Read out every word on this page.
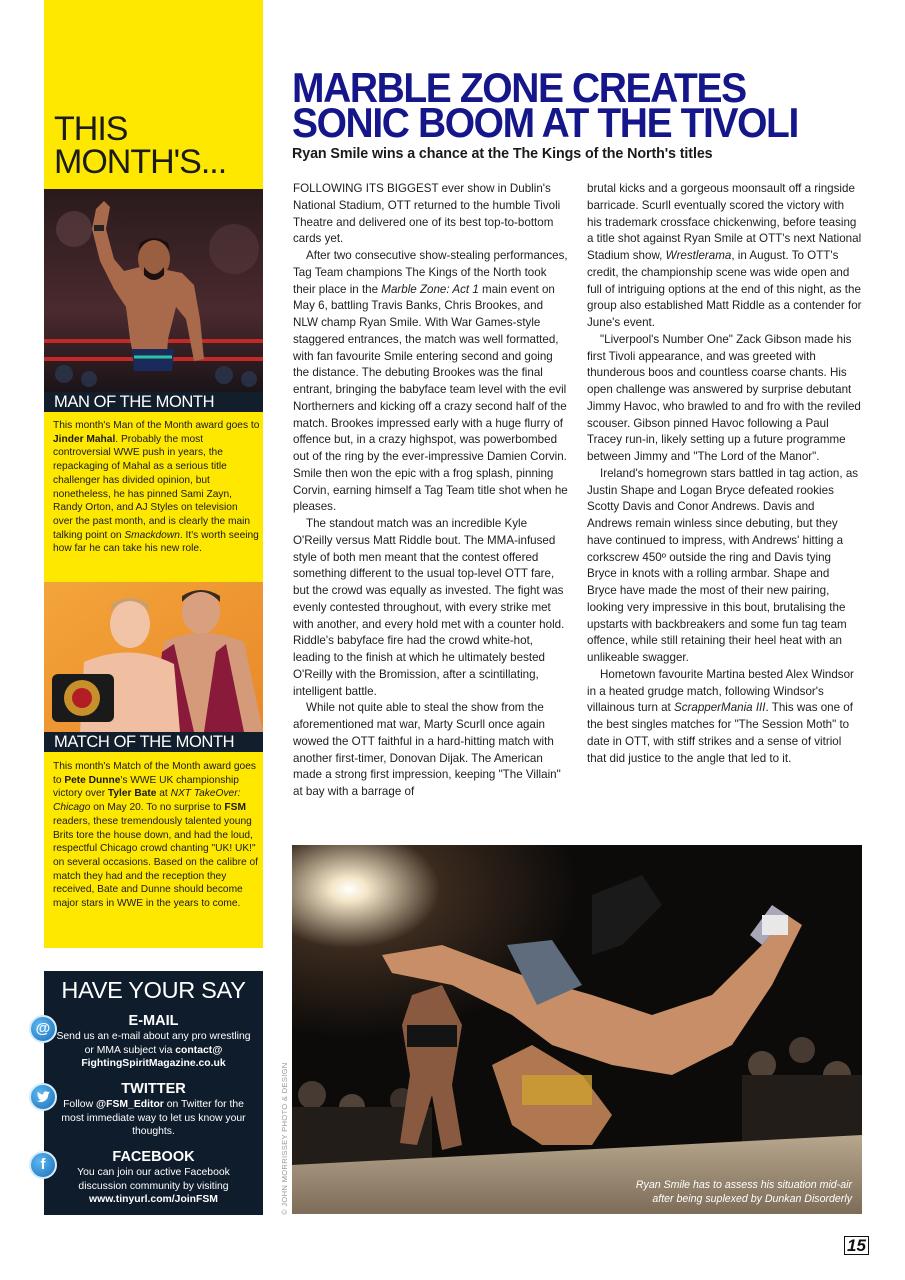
THIS
MONTH'S...
MAN OF THE MONTH
This month's Man of the Month award goes to Jinder Mahal. Probably the most controversial WWE push in years, the repackaging of Mahal as a serious title challenger has divided opinion, but nonetheless, he has pinned Sami Zayn, Randy Orton, and AJ Styles on television over the past month, and is clearly the main talking point on Smackdown. It's worth seeing how far he can take his new role.
MATCH OF THE MONTH
This month's Match of the Month award goes to Pete Dunne's WWE UK championship victory over Tyler Bate at NXT TakeOver: Chicago on May 20. To no surprise to FSM readers, these tremendously talented young Brits tore the house down, and had the loud, respectful Chicago crowd chanting "UK! UK!" on several occasions. Based on the calibre of match they had and the reception they received, Bate and Dunne should become major stars in WWE in the years to come.
HAVE YOUR SAY
@	E-MAIL
Send us an e-mail about any pro wrestling or MMA subject via contact@ FightingSpiritMagazine.co.uk
TWITTER
Follow @FSM_Editor on Twitter for the most immediate way to let us know your thoughts.
f	FACEBOOK
You can join our active Facebook discussion community by visiting
www.tinyurl.com/JoinFSM
MARBLE ZONE CREATES
SONIC BOOM AT THE TIVOLI
Ryan Smile wins a chance at the The Kings of the North's titles

FOLLOWING ITS BIGGEST ever show in Dublin's National Stadium, OTT returned to the humble Tivoli Theatre and delivered one of its best top-to-bottom cards yet.

After two consecutive show-stealing performances, Tag Team champions The Kings of the North took their place in the Marble Zone: Act 1 main event on May 6, battling Travis Banks, Chris Brookes, and NLW champ Ryan Smile. With War Games-style staggered entrances, the match was well formatted, with fan favourite Smile entering second and going the distance. The debuting Brookes was the final entrant, bringing the babyface team level with the evil Northerners and kicking off a crazy second half of the match. Brookes impressed early with a huge flurry of offence but, in a crazy highspot, was powerbombed out of the ring by the ever-impressive Damien Corvin. Smile then won the epic with a frog splash, pinning Corvin, earning himself a Tag Team title shot when he pleases.

The standout match was an incredible Kyle O'Reilly versus Matt Riddle bout. The MMA-infused style of both men meant that the contest offered something different to the usual top-level OTT fare, but the crowd was equally as invested. The fight was evenly contested throughout, with every strike met with another, and every hold met with a counter hold. Riddle's babyface fire had the crowd white-hot, leading to the finish at which he ultimately bested O'Reilly with the Bromission, after a scintillating, intelligent battle.

While not quite able to steal the show from the aforementioned mat war, Marty Scurll once again wowed the OTT faithful in a hard-hitting match with another first-timer, Donovan Dijak. The American made a strong first impression, keeping "The Villain" at bay with a barrage of

brutal kicks and a gorgeous moonsault off a ringside barricade. Scurll eventually scored the victory with his trademark crossface chickenwing, before teasing a title shot against Ryan Smile at OTT's next National Stadium show, Wrestlerama, in August. To OTT's credit, the championship scene was wide open and full of intriguing options at the end of this night, as the group also established Matt Riddle as a contender for June's event.

"Liverpool's Number One" Zack Gibson made his first Tivoli appearance, and was greeted with thunderous boos and countless coarse chants. His open challenge was answered by surprise debutant Jimmy Havoc, who brawled to and fro with the reviled scouser. Gibson pinned Havoc following a Paul Tracey run-in, likely setting up a future programme between Jimmy and "The Lord of the Manor".

Ireland's homegrown stars battled in tag action, as Justin Shape and Logan Bryce defeated rookies Scotty Davis and Conor Andrews. Davis and Andrews remain winless since debuting, but they have continued to impress, with Andrews' hitting a corkscrew 450º outside the ring and Davis tying Bryce in knots with a rolling armbar. Shape and Bryce have made the most of their new pairing, looking very impressive in this bout, brutalising the upstarts with backbreakers and some fun tag team offence, while still retaining their heel heat with an unlikeable swagger.

Hometown favourite Martina bested Alex Windsor in a heated grudge match, following Windsor's villainous turn at ScrapperMania III. This was one of the best singles matches for "The Session Moth" to date in OTT, with stiff strikes and a sense of vitriol that did justice to the angle that led to it.

Ryan Smile has to assess his situation mid-air
after being suplexed by Dunkan Disorderly
© JOHN MORRISSEY PHOTO & DESIGN
15
